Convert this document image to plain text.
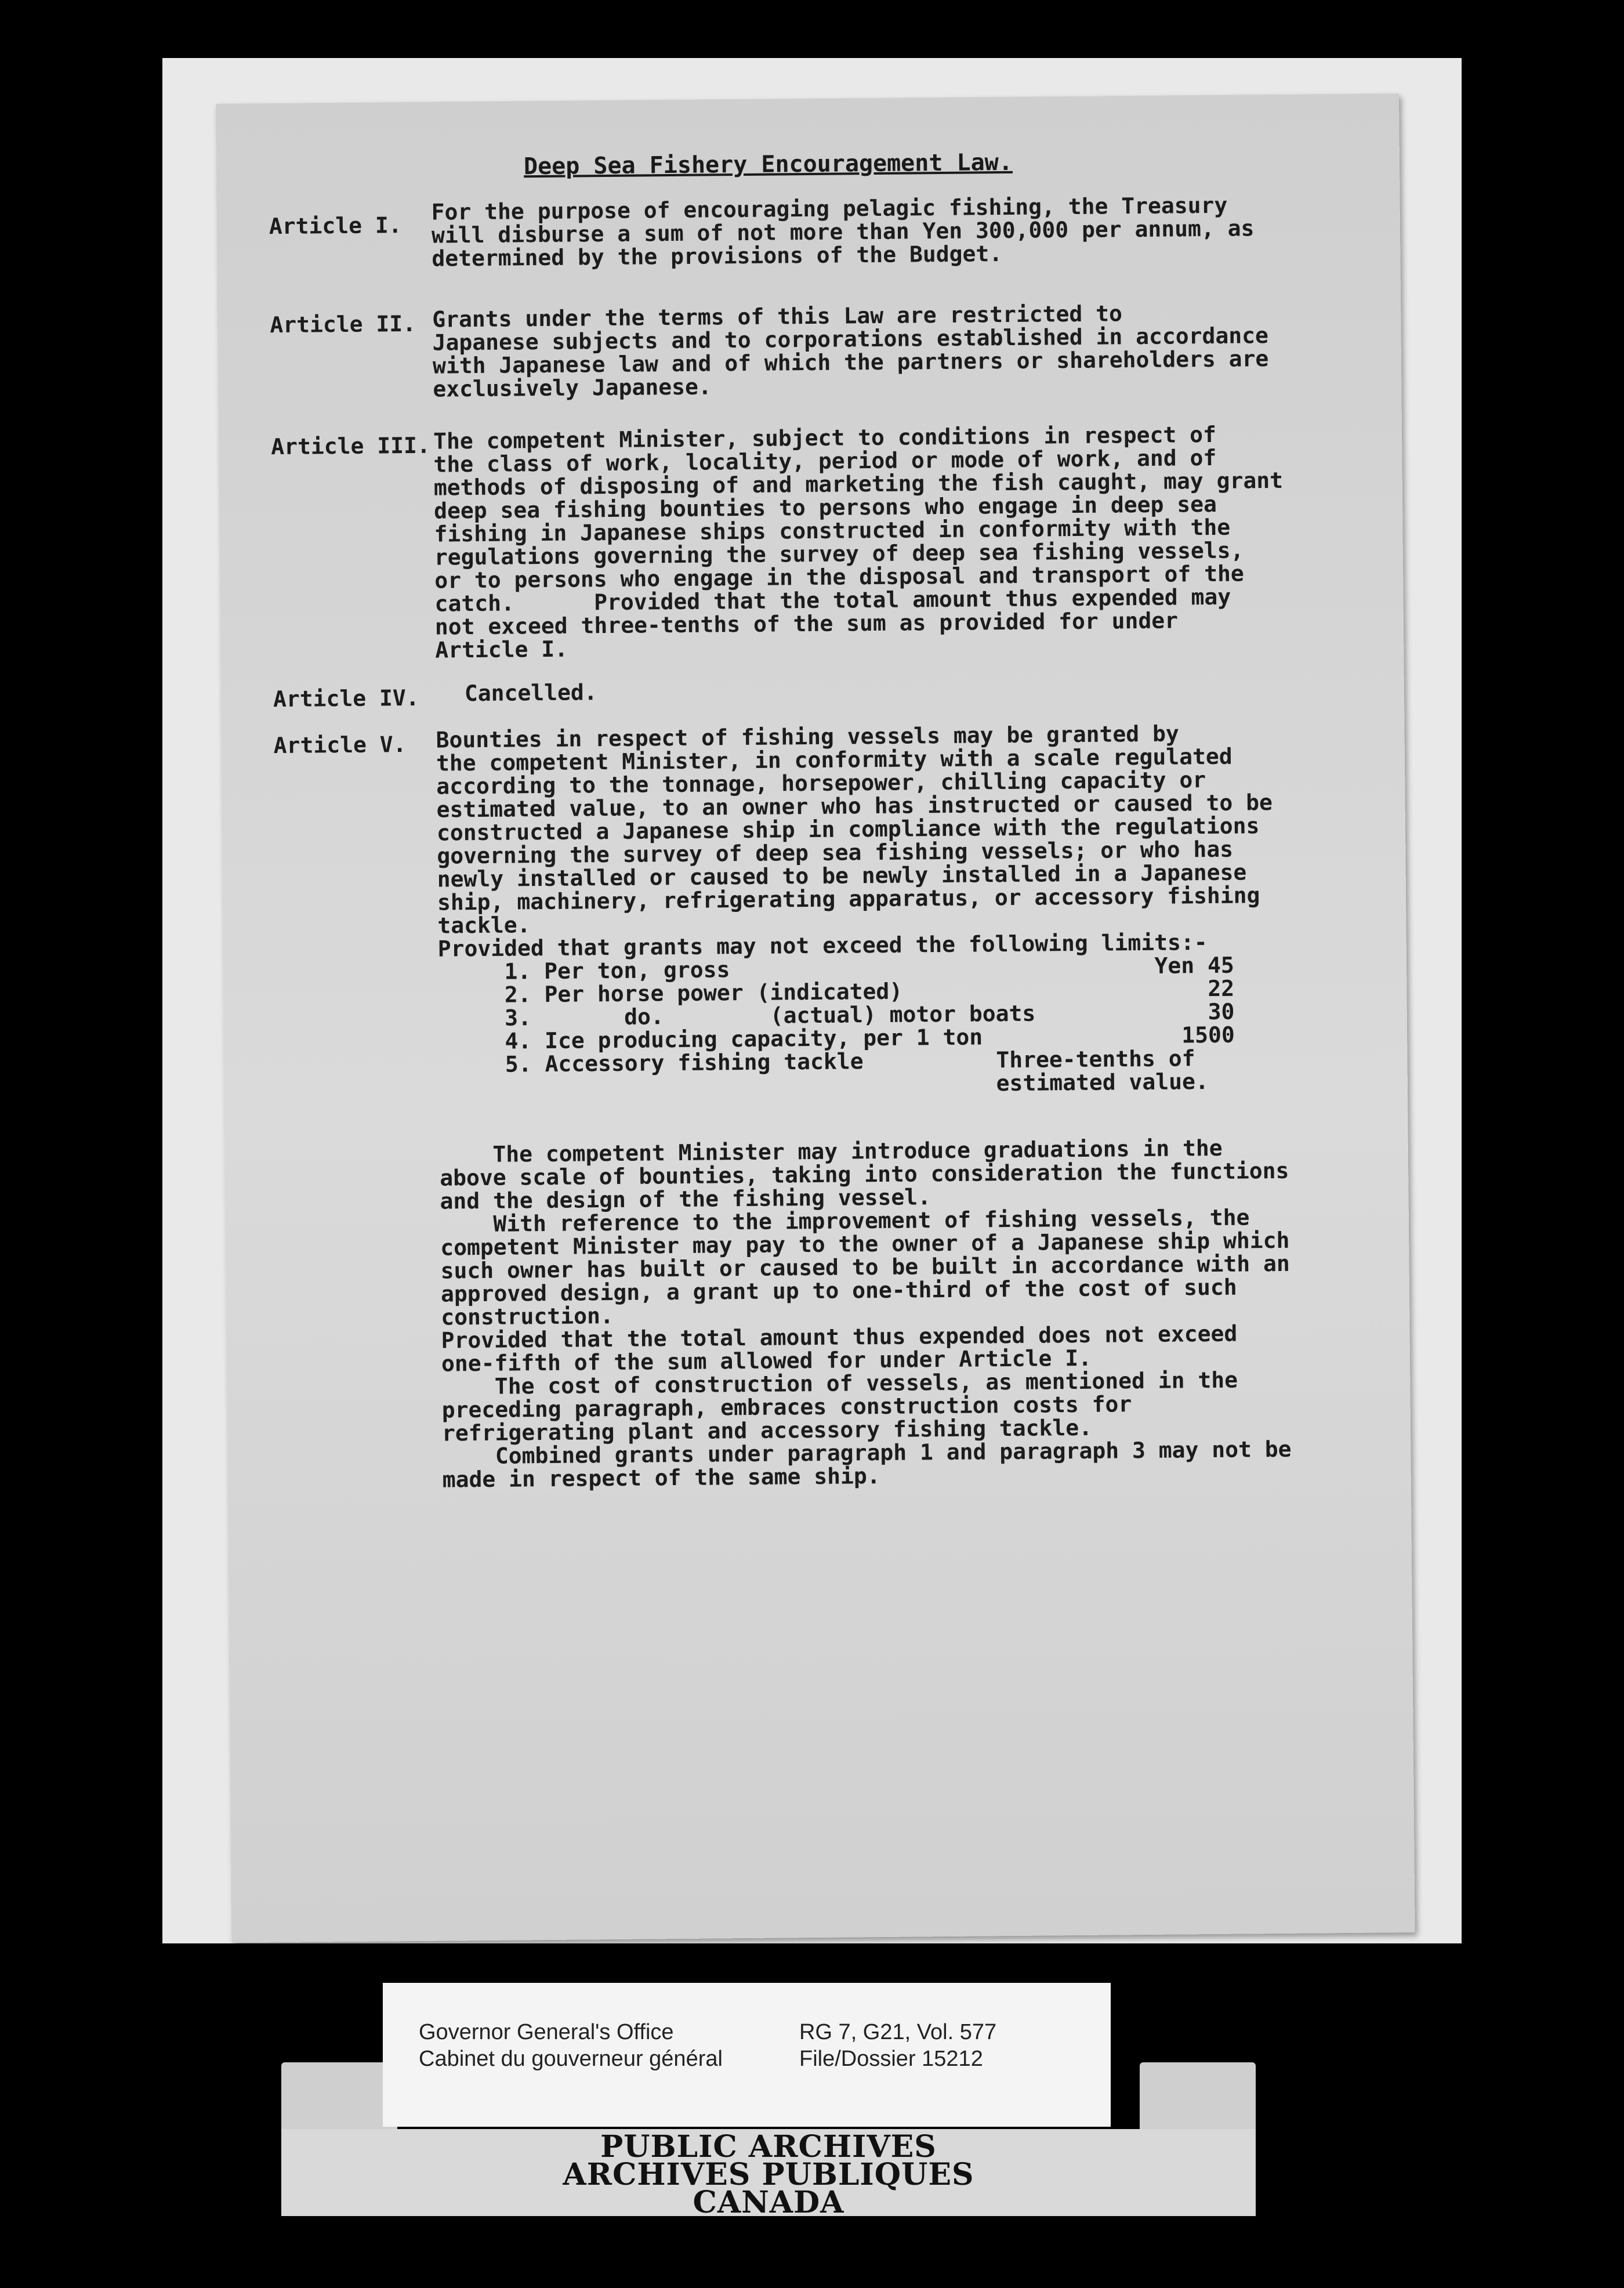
Deep Sea Fishery Encouragement Law.
Article I.
For the purpose of encouraging pelagic fishing, the Treasury
will disburse a sum of not more than Yen 300,000 per annum, as
determined by the provisions of the Budget.
Article II. Grants under the terms of this Law are restricted to
Japanese subjects and to corporations established in accordance
with Japanese law and of which the partners or shareholders are
exclusively Japanese.
Article III. The competent Minister, subject to conditions in respect of
the class of work, locality, period or mode of work, and of
methods of disposing of and marketing the fish caught, may grant
deep sea fishing bounties to persons who engage in deep sea
fishing in Japanese ships constructed in conformity with the
regulations governing the survey of deep sea fishing vessels,
or to persons who engage in the disposal and transport of the
catch.      Provided that the total amount thus expended may
not exceed three-tenths of the sum as provided for under
Article I.
Article IV. Cancelled.
Article V. Bounties in respect of fishing vessels may be granted by
the competent Minister, in conformity with a scale regulated
according to the tonnage, horsepower, chilling capacity or
estimated value, to an owner who has instructed or caused to be
constructed a Japanese ship in compliance with the regulations
governing the survey of deep sea fishing vessels; or who has
newly installed or caused to be newly installed in a Japanese
ship, machinery, refrigerating apparatus, or accessory fishing
tackle.
Provided that grants may not exceed the following limits:-
1. Per ton, gross                                Yen 45
2. Per horse power (indicated)                       22
3.       do.        (actual) motor boats             30
4. Ice producing capacity, per 1 ton               1500
5. Accessory fishing tackle          Three-tenths of
estimated value.
The competent Minister may introduce graduations in the
above scale of bounties, taking into consideration the functions
and the design of the fishing vessel.
With reference to the improvement of fishing vessels, the
competent Minister may pay to the owner of a Japanese ship which
such owner has built or caused to be built in accordance with an
approved design, a grant up to one-third of the cost of such
construction.
Provided that the total amount thus expended does not exceed
one-fifth of the sum allowed for under Article I.
The cost of construction of vessels, as mentioned in the
preceding paragraph, embraces construction costs for
refrigerating plant and accessory fishing tackle.
Combined grants under paragraph 1 and paragraph 3 may not be
made in respect of the same ship.
Governor General's Office
Cabinet du gouverneur général
RG 7, G21, Vol. 577
File/Dossier 15212
PUBLIC ARCHIVES
ARCHIVES PUBLIQUES
CANADA
